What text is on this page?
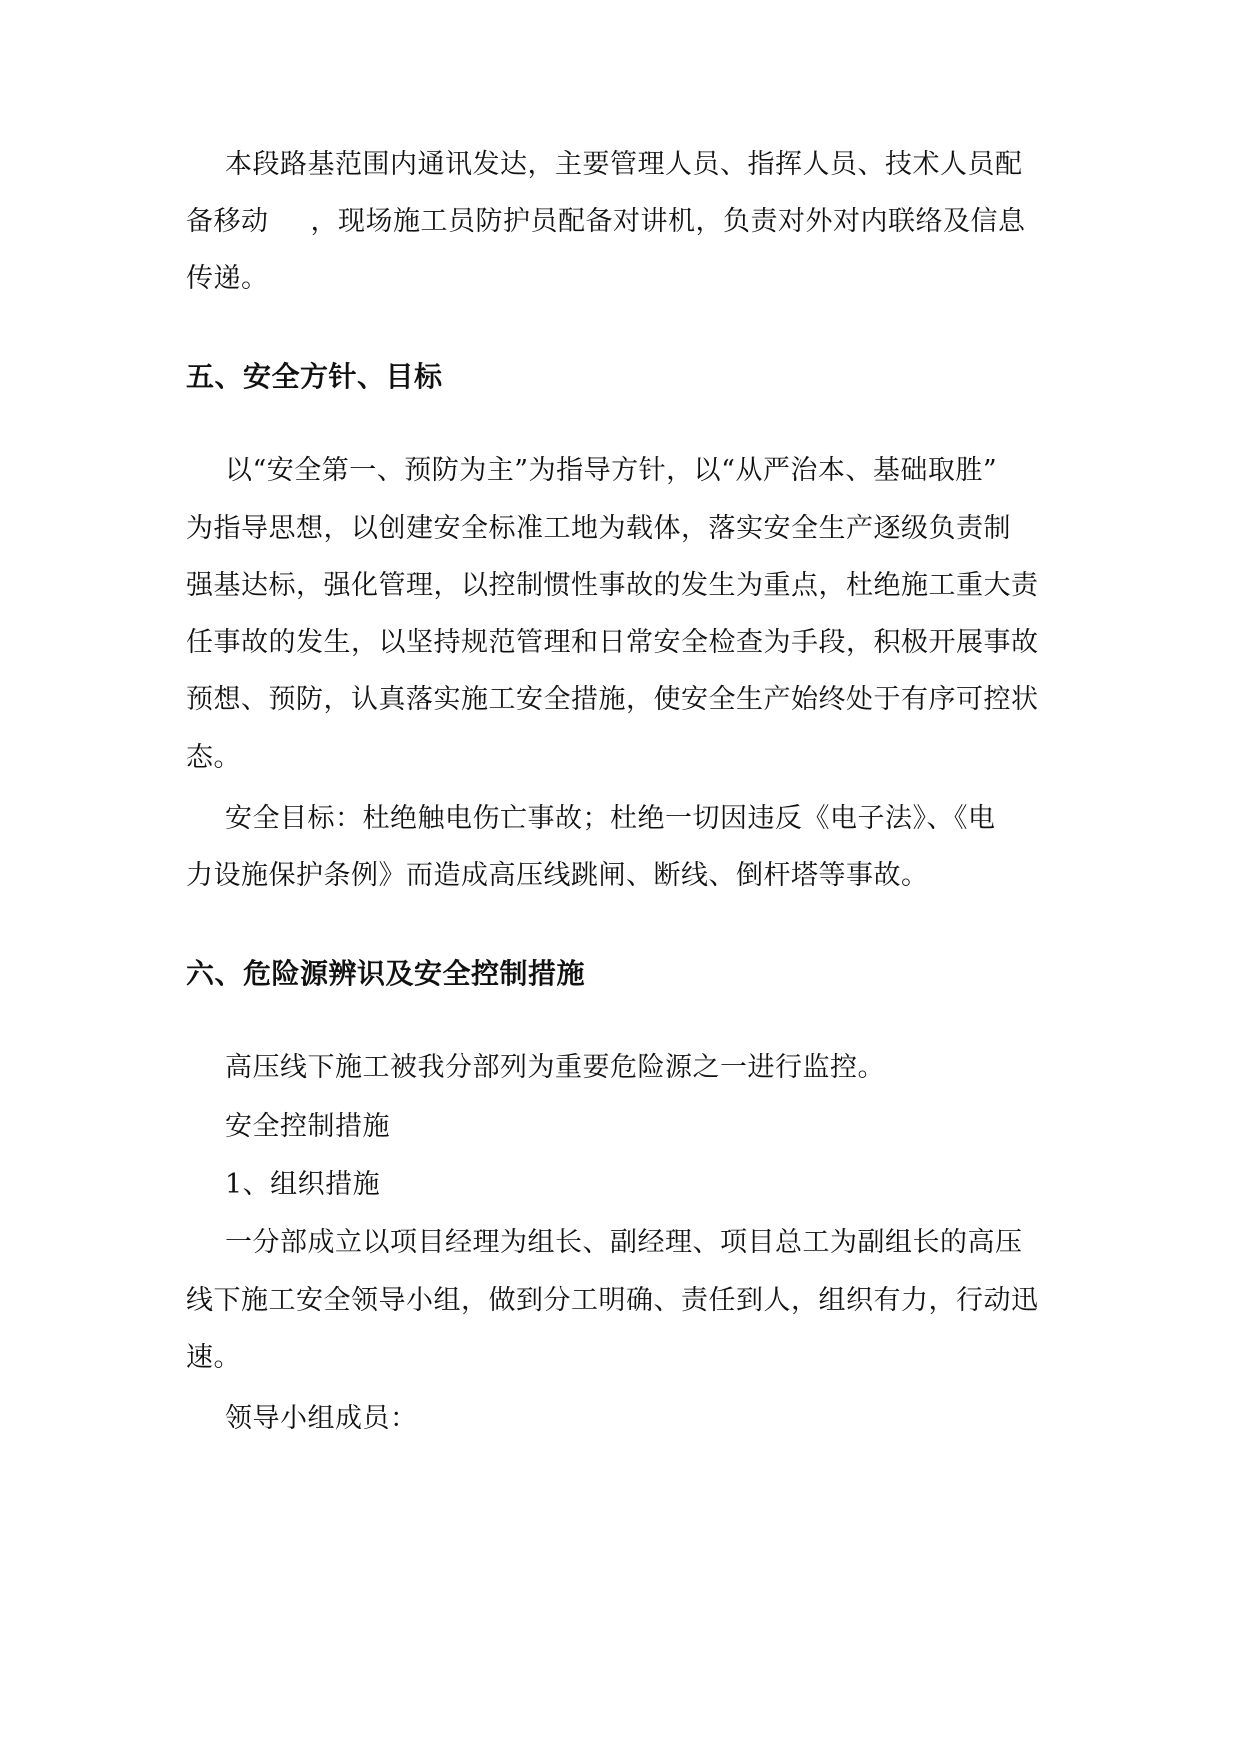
本段路基范围内通讯发达，主要管理人员、指挥人员、技术人员配
备移动 ，现场施工员防护员配备对讲机，负责对外对内联络及信息
传递。
五、安全方针、目标
以“安全第一、预防为主”为指导方针，以“从严治本、基础取胜”
为指导思想，以创建安全标准工地为载体，落实安全生产逐级负责制
强基达标，强化管理，以控制惯性事故的发生为重点，杜绝施工重大责
任事故的发生，以坚持规范管理和日常安全检查为手段，积极开展事故
预想、预防，认真落实施工安全措施，使安全生产始终处于有序可控状
态。
安全目标：杜绝触电伤亡事故；杜绝一切因违反《电子法》、《电
力设施保护条例》而造成高压线跳闸、断线、倒杆塔等事故。
六、危险源辨识及安全控制措施
高压线下施工被我分部列为重要危险源之一进行监控。
安全控制措施
1、组织措施
一分部成立以项目经理为组长、副经理、项目总工为副组长的高压
线下施工安全领导小组，做到分工明确、责任到人，组织有力，行动迅
速。
领导小组成员：
